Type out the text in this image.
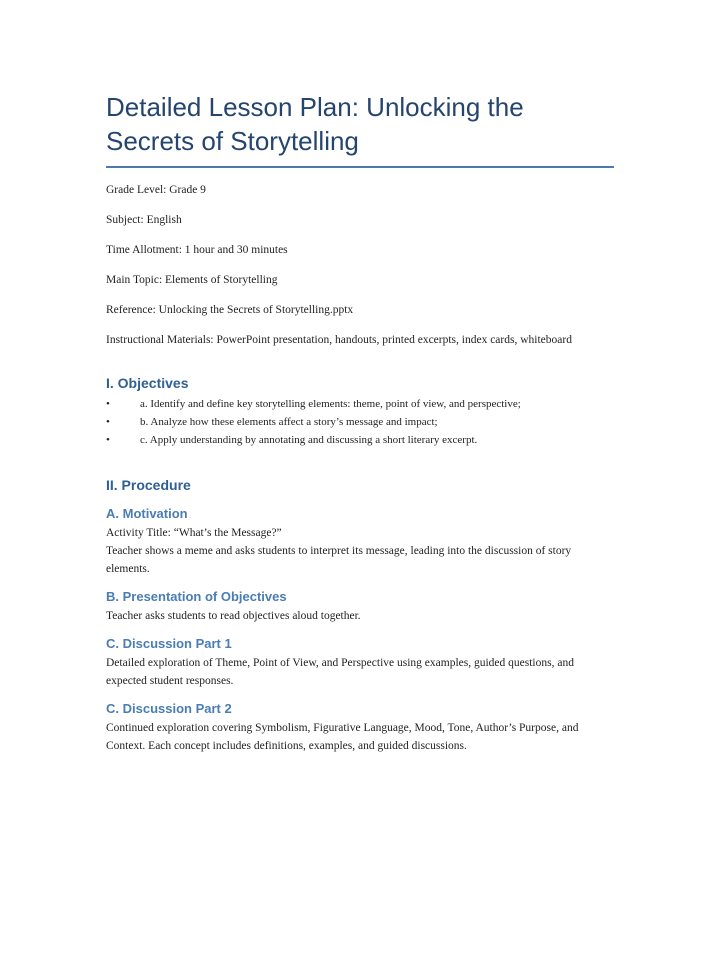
Detailed Lesson Plan: Unlocking the Secrets of Storytelling

Grade Level: Grade 9

Subject: English

Time Allotment: 1 hour and 30 minutes

Main Topic: Elements of Storytelling

Reference: Unlocking the Secrets of Storytelling.pptx

Instructional Materials: PowerPoint presentation, handouts, printed excerpts, index cards, whiteboard

I. Objectives
•	a. Identify and define key storytelling elements: theme, point of view, and perspective;
•	b. Analyze how these elements affect a story’s message and impact;
•	c. Apply understanding by annotating and discussing a short literary excerpt.
II. Procedure
A. Motivation

Activity Title: “What’s the Message?”

Teacher shows a meme and asks students to interpret its message, leading into the discussion of story elements.

B. Presentation of Objectives

Teacher asks students to read objectives aloud together.

C. Discussion Part 1

Detailed exploration of Theme, Point of View, and Perspective using examples, guided questions, and expected student responses.

C. Discussion Part 2

Continued exploration covering Symbolism, Figurative Language, Mood, Tone, Author’s Purpose, and Context. Each concept includes definitions, examples, and guided discussions.
